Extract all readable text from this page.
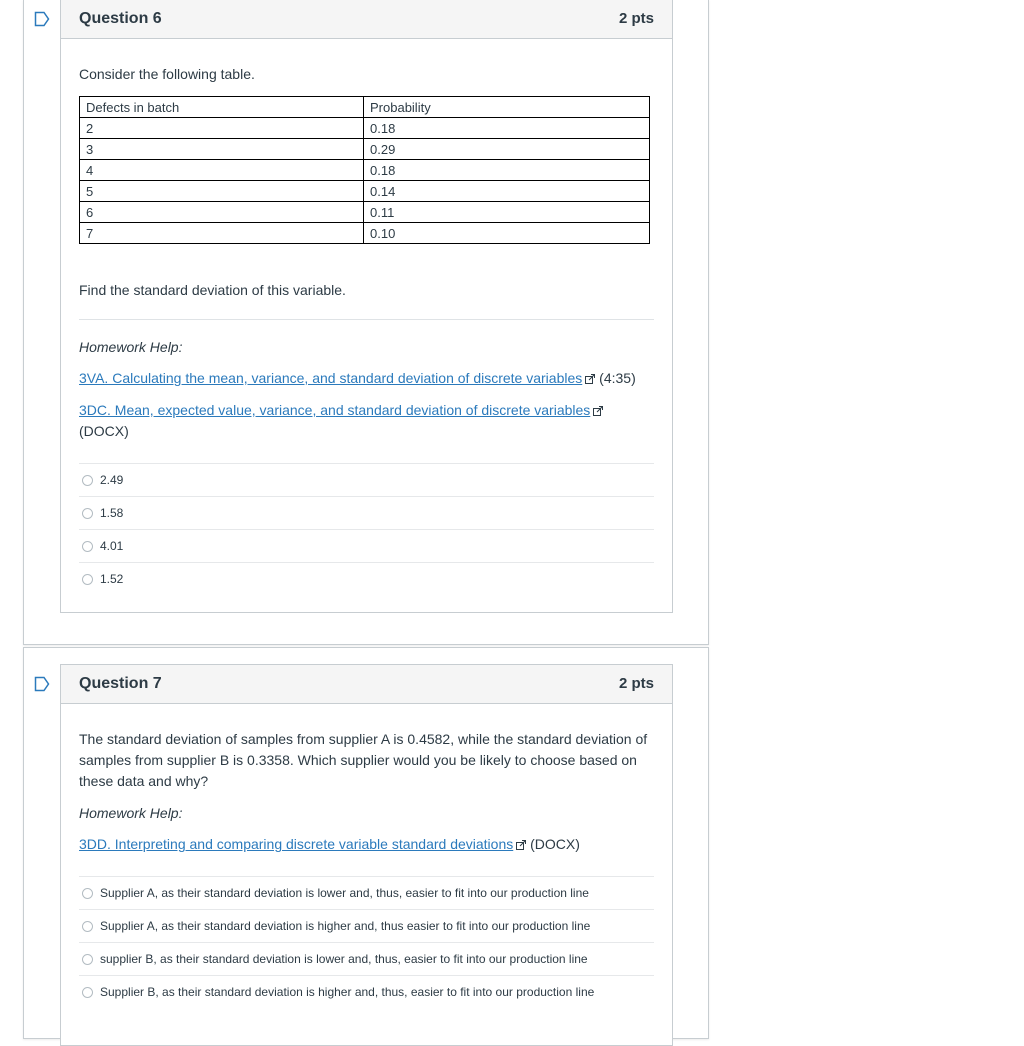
Question 6	2 pts
Consider the following table.
Defects in batch	Probability
2	0.18
3	0.29
4	0.18
5	0.14
6	0.11
7	0.10
Find the standard deviation of this variable.
Homework Help:
3VA. Calculating the mean, variance, and standard deviation of discrete variables (4:35)
3DC. Mean, expected value, variance, and standard deviation of discrete variables
(DOCX)
2.49
1.58
4.01
1.52
Question 7	2 pts
The standard deviation of samples from supplier A is 0.4582, while the standard deviation of
samples from supplier B is 0.3358. Which supplier would you be likely to choose based on
these data and why?
Homework Help:
3DD. Interpreting and comparing discrete variable standard deviations (DOCX)
Supplier A, as their standard deviation is lower and, thus, easier to fit into our production line
Supplier A, as their standard deviation is higher and, thus easier to fit into our production line
supplier B, as their standard deviation is lower and, thus, easier to fit into our production line
Supplier B, as their standard deviation is higher and, thus, easier to fit into our production line
